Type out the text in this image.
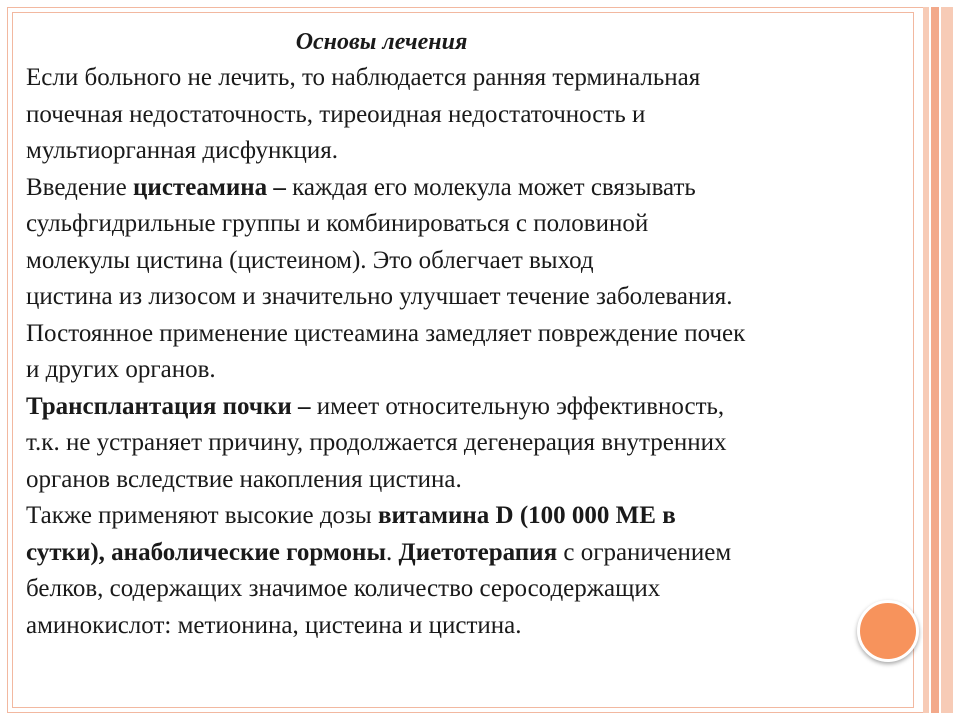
Основы лечения

Если больного не лечить, то наблюдается ранняя терминальная

почечная недостаточность, тиреоидная недостаточность и

мультиорганная дисфункция.

Введение цистеамина – каждая его молекула может связывать

сульфгидрильные группы и комбинироваться с половиной

молекулы цистина (цистеином). Это облегчает выход

цистина из лизосом и значительно улучшает течение заболевания.

Постоянное применение цистеамина замедляет повреждение почек

и других органов.

Трансплантация почки – имеет относительную эффективность,

т.к. не устраняет причину, продолжается дегенерация внутренних

органов вследствие накопления цистина.

Также применяют высокие дозы витамина D (100 000 МЕ в

сутки), анаболические гормоны. Диетотерапия с ограничением

белков, содержащих значимое количество серосодержащих

аминокислот: метионина, цистеина и цистина.
